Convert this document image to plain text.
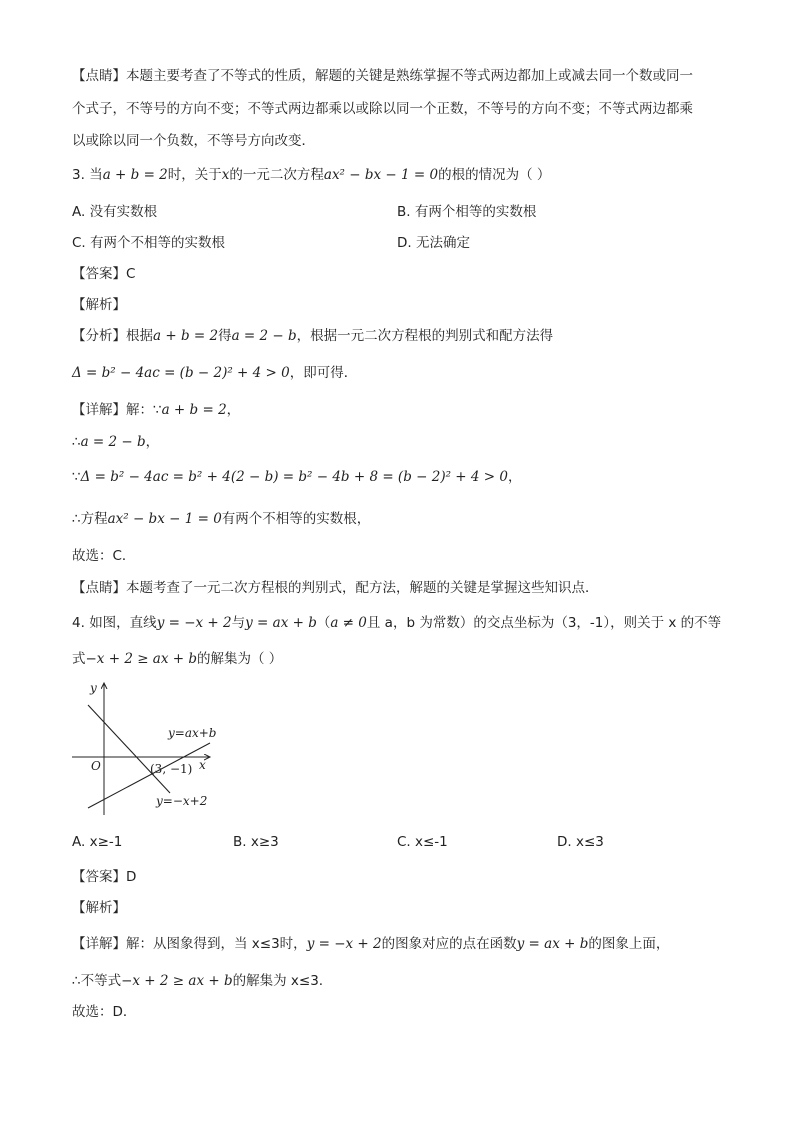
【点睛】本题主要考查了不等式的性质，解题的关键是熟练掌握不等式两边都加上或减去同一个数或同一
个式子，不等号的方向不变；不等式两边都乘以或除以同一个正数，不等号的方向不变；不等式两边都乘
以或除以同一个负数，不等号方向改变．
3. 当a + b = 2时，关于x的一元二次方程ax² − bx − 1 = 0的根的情况为（ ）
A. 没有实数根	B. 有两个相等的实数根
C. 有两个不相等的实数根	D. 无法确定
【答案】C
【解析】
【分析】根据a + b = 2得a = 2 − b，根据一元二次方程根的判别式和配方法得
Δ = b² − 4ac = (b − 2)² + 4 > 0，即可得．
【详解】解：∵a + b = 2，
∴a = 2 − b，
∵Δ = b² − 4ac = b² + 4(2 − b) = b² − 4b + 8 = (b − 2)² + 4 > 0，
∴方程ax² − bx − 1 = 0有两个不相等的实数根，
故选：C．
【点睛】本题考查了一元二次方程根的判别式，配方法，解题的关键是掌握这些知识点．
4. 如图，直线y = −x + 2与y = ax + b（a ≠ 0且 a，b 为常数）的交点坐标为（3，-1），则关于 x 的不等
式−x + 2 ≥ ax + b的解集为（ ）
y
x
O
y=ax+b
y=−x+2
(3, −1)
A. x≥-1	B. x≥3	C. x≤-1	D. x≤3
【答案】D
【解析】
【详解】解：从图象得到，当 x≤3时，y = −x + 2的图象对应的点在函数y = ax + b的图象上面，
∴不等式−x + 2 ≥ ax + b的解集为 x≤3.
故选：D．
